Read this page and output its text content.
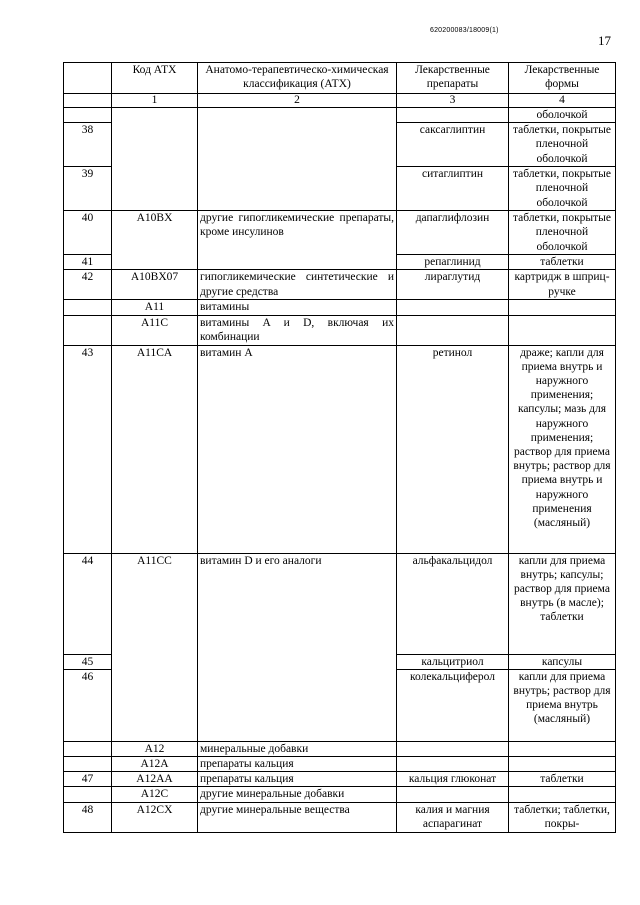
620200083/18009(1)
17
	Код АТХ	Анатомо-терапевтическо-химическая классификация (АТХ)	Лекарственные препараты	Лекарственные формы
	1	2	3	4
				оболочкой
38			саксаглиптин	таблетки, покрытые пленочной оболочкой
39			ситаглиптин	таблетки, покрытые пленочной оболочкой
40	A10BX	другие гипогликемические препараты, кроме инсулинов	дапаглифлозин	таблетки, покрытые пленочной оболочкой
41			репаглинид	таблетки
42	A10BX07	гипогликемические синтетические и другие средства	лираглутид	картридж в шприц-ручке
	A11	витамины		
	A11C	витамины A и D, включая их комбинации		
43	A11CA	витамин A	ретинол	драже; капли для приема внутрь и наружного применения; капсулы; мазь для наружного применения; раствор для приема внутрь; раствор для приема внутрь и наружного применения (масляный)
44	A11CC	витамин D и его аналоги	альфакальцидол	капли для приема внутрь; капсулы; раствор для приема внутрь (в масле); таблетки
45			кальцитриол	капсулы
46			колекальциферол	капли для приема внутрь; раствор для приема внутрь (масляный)
	A12	минеральные добавки		
	A12A	препараты кальция		
47	A12AA	препараты кальция	кальция глюконат	таблетки
	A12C	другие минеральные добавки		
48	A12CX	другие минеральные вещества	калия и магния аспарагинат	таблетки; таблетки, покры-
